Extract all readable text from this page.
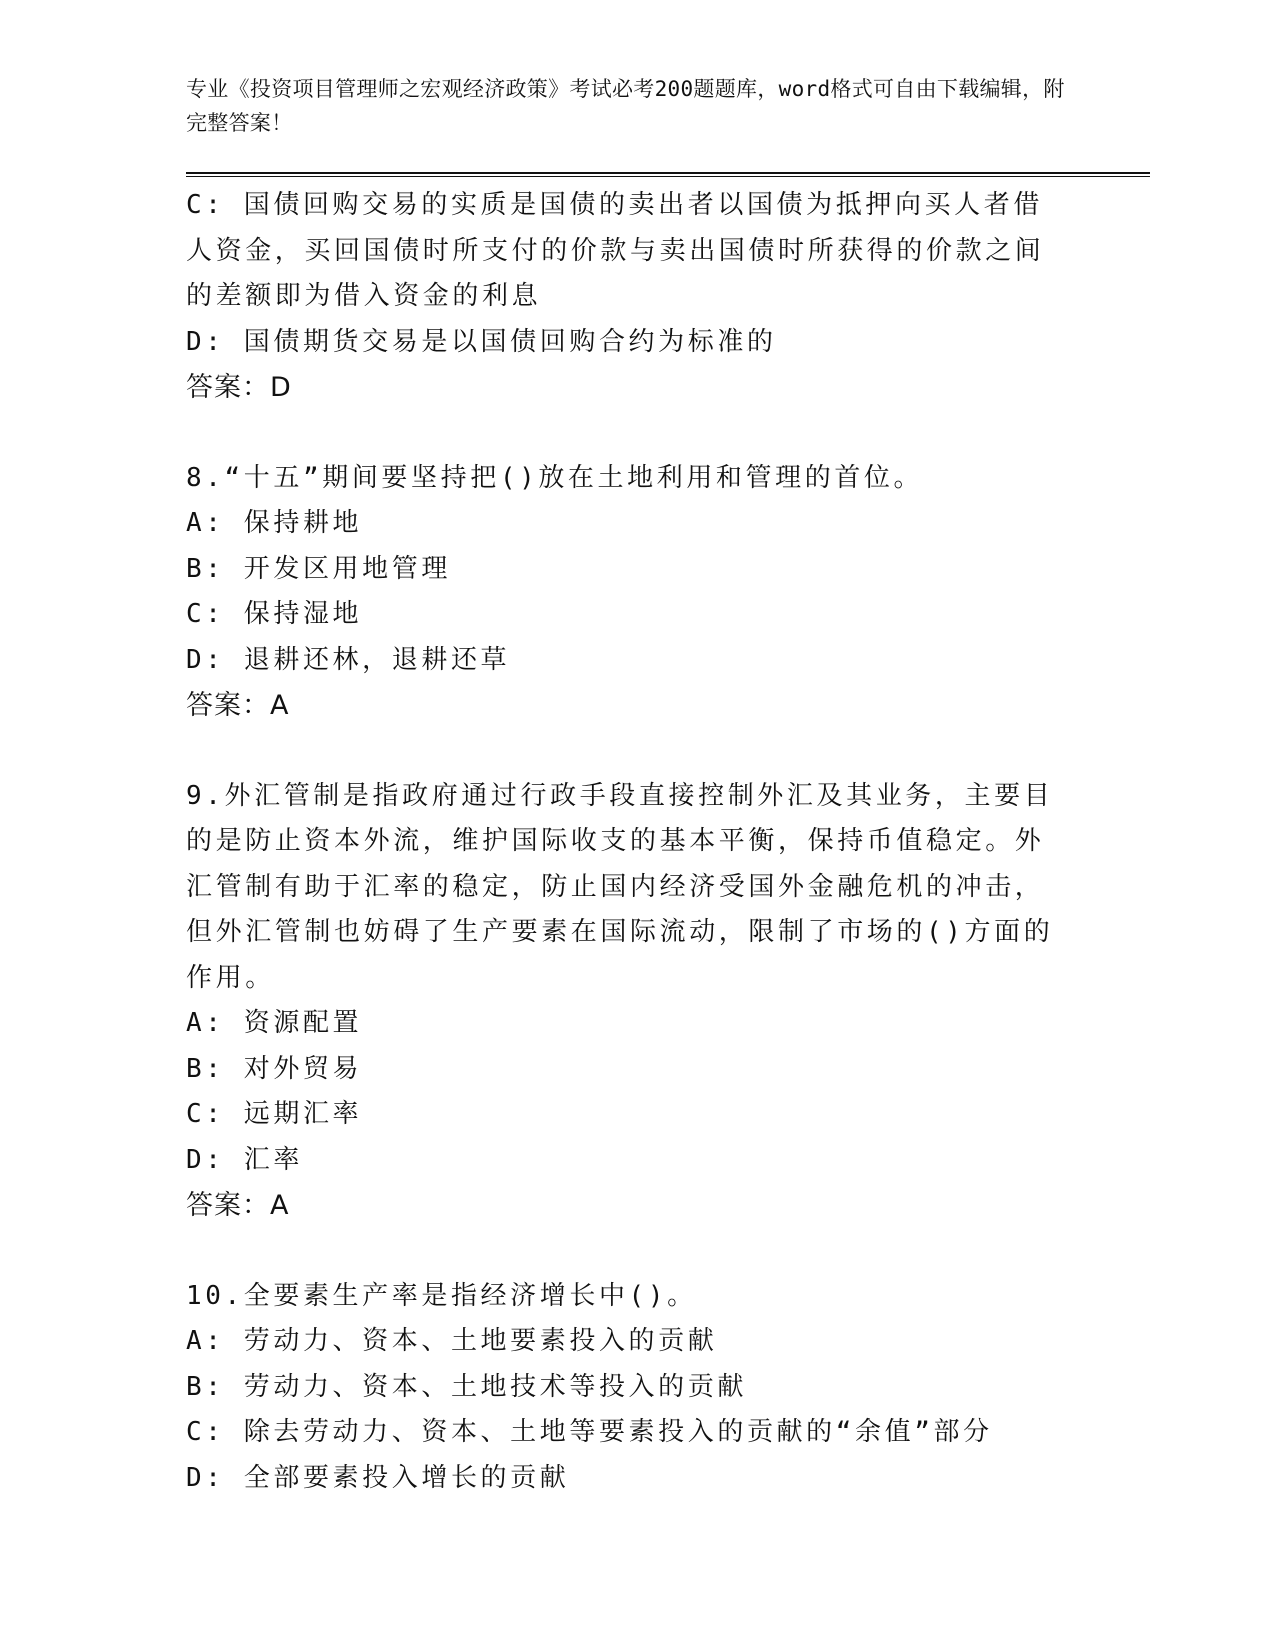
专业《投资项目管理师之宏观经济政策》考试必考200题题库，word格式可自由下载编辑，附完整答案！
C: 国债回购交易的实质是国债的卖出者以国债为抵押向买人者借人资金，买回国债时所支付的价款与卖出国债时所获得的价款之间的差额即为借入资金的利息
D: 国债期货交易是以国债回购合约为标准的
答案：D
8.“十五”期间要坚持把()放在土地利用和管理的首位。
A: 保持耕地
B: 开发区用地管理
C: 保持湿地
D: 退耕还林，退耕还草
答案：A
9.外汇管制是指政府通过行政手段直接控制外汇及其业务，主要目的是防止资本外流，维护国际收支的基本平衡，保持币值稳定。外汇管制有助于汇率的稳定，防止国内经济受国外金融危机的冲击，但外汇管制也妨碍了生产要素在国际流动，限制了市场的()方面的作用。
A: 资源配置
B: 对外贸易
C: 远期汇率
D: 汇率
答案：A
10.全要素生产率是指经济增长中()。
A: 劳动力、资本、土地要素投入的贡献
B: 劳动力、资本、土地技术等投入的贡献
C: 除去劳动力、资本、土地等要素投入的贡献的“余值”部分
D: 全部要素投入增长的贡献
